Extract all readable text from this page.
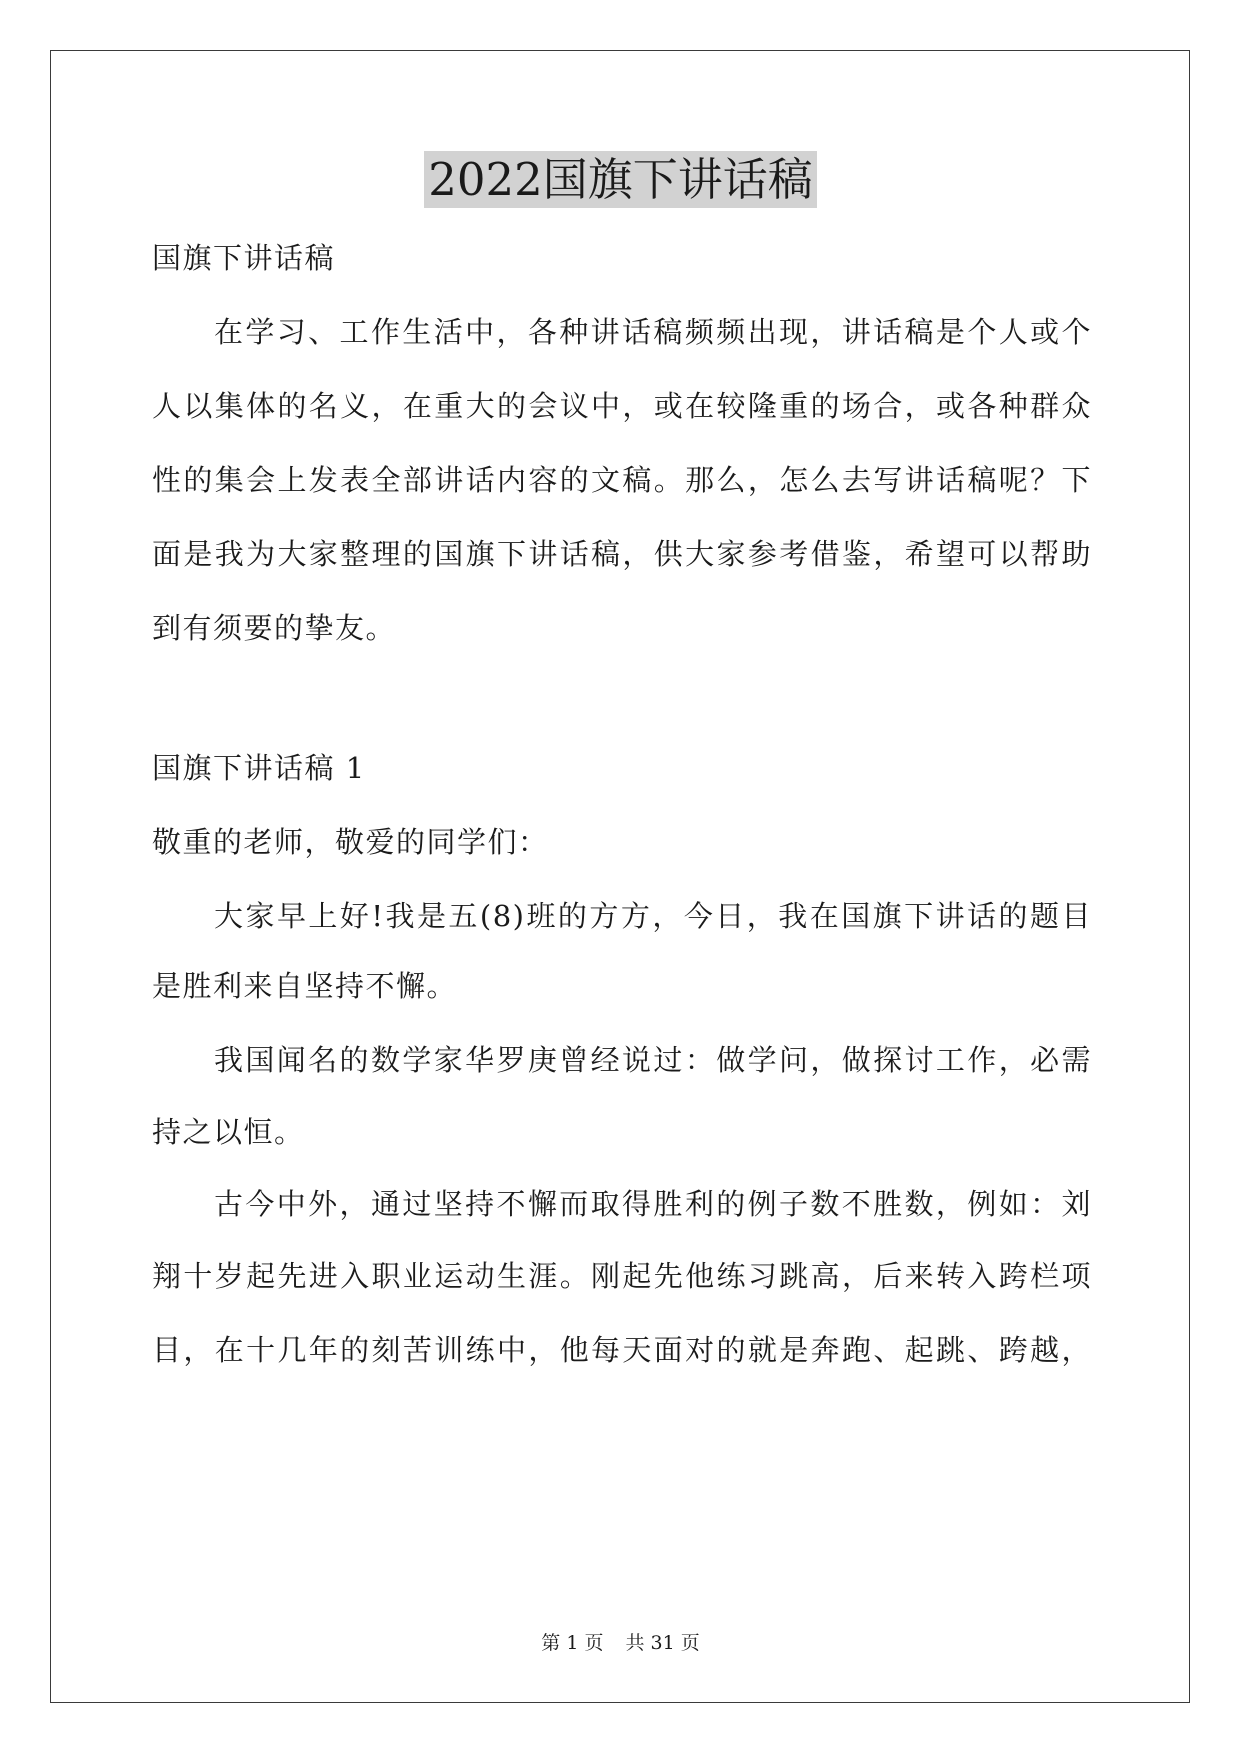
2022国旗下讲话稿
国旗下讲话稿
在学习、工作生活中，各种讲话稿频频出现，讲话稿是个人或个
人以集体的名义，在重大的会议中，或在较隆重的场合，或各种群众
性的集会上发表全部讲话内容的文稿。那么，怎么去写讲话稿呢？下
面是我为大家整理的国旗下讲话稿，供大家参考借鉴，希望可以帮助
到有须要的挚友。
国旗下讲话稿 1
敬重的老师，敬爱的同学们：
大家早上好!我是五(8)班的方方，今日，我在国旗下讲话的题目
是胜利来自坚持不懈。
我国闻名的数学家华罗庚曾经说过：做学问，做探讨工作，必需
持之以恒。
古今中外，通过坚持不懈而取得胜利的例子数不胜数，例如：刘
翔十岁起先进入职业运动生涯。刚起先他练习跳高，后来转入跨栏项
目，在十几年的刻苦训练中，他每天面对的就是奔跑、起跳、跨越，
第 1 页 共 31 页
